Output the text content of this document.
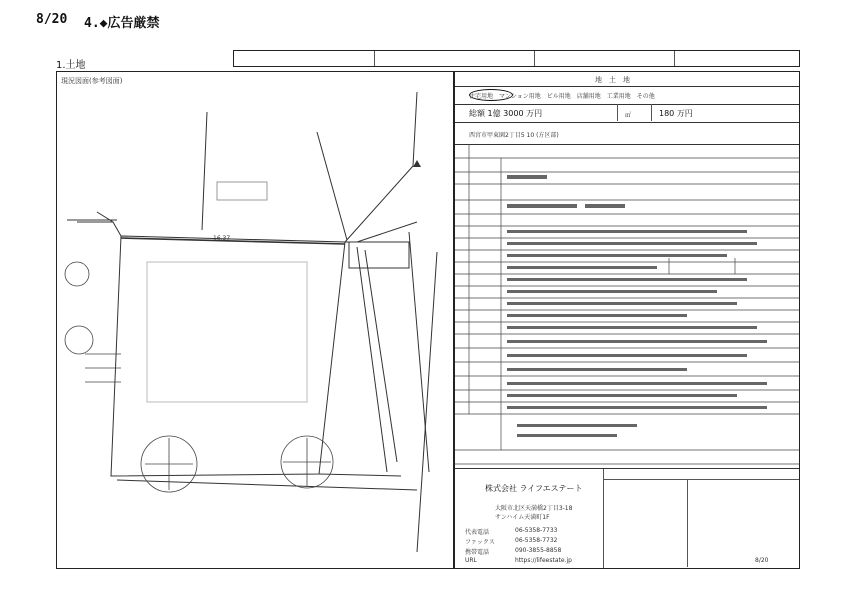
8/20 4.◆広告厳禁
1.土地
現況図面(参考図面)
16.37
地　土　地
住宅用地　マンション用地　ビル用地　店舗用地　工業用地　その他
総額 1億 3000 万円	㎡	180 万円
西宮市甲東園2丁目5 10 (方区部)
株式会社 ライフエステート
大阪市北区天満橋2丁目3-18
サンハイム天満町1F
代表電話	06-5358-7733
ファックス	06-5358-7732
携帯電話	090-3855-8858
URL	https://lifeestate.jp	8/20
